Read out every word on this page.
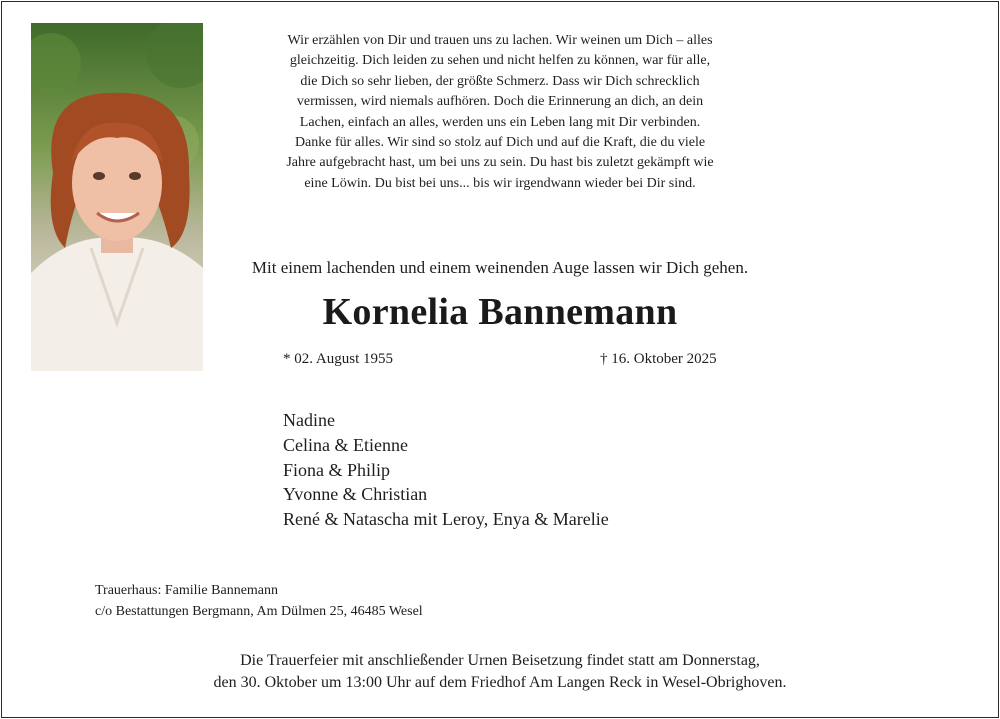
Wir erzählen von Dir und trauen uns zu lachen. Wir weinen um Dich – alles
gleichzeitig. Dich leiden zu sehen und nicht helfen zu können, war für alle,
die Dich so sehr lieben, der größte Schmerz. Dass wir Dich schrecklich
vermissen, wird niemals aufhören. Doch die Erinnerung an dich, an dein
Lachen, einfach an alles, werden uns ein Leben lang mit Dir verbinden.
Danke für alles. Wir sind so stolz auf Dich und auf die Kraft, die du viele
Jahre aufgebracht hast, um bei uns zu sein. Du hast bis zuletzt gekämpft wie
eine Löwin. Du bist bei uns... bis wir irgendwann wieder bei Dir sind.
Mit einem lachenden und einem weinenden Auge lassen wir Dich gehen.
Kornelia Bannemann
* 02. August 1955	† 16. Oktober 2025
Nadine
Celina & Etienne
Fiona & Philip
Yvonne & Christian
René & Natascha mit Leroy, Enya & Marelie
Trauerhaus: Familie Bannemann
c/o Bestattungen Bergmann, Am Dülmen 25, 46485 Wesel
Die Trauerfeier mit anschließender Urnen Beisetzung findet statt am Donnerstag,
den 30. Oktober um 13:00 Uhr auf dem Friedhof Am Langen Reck in Wesel-Obrighoven.
